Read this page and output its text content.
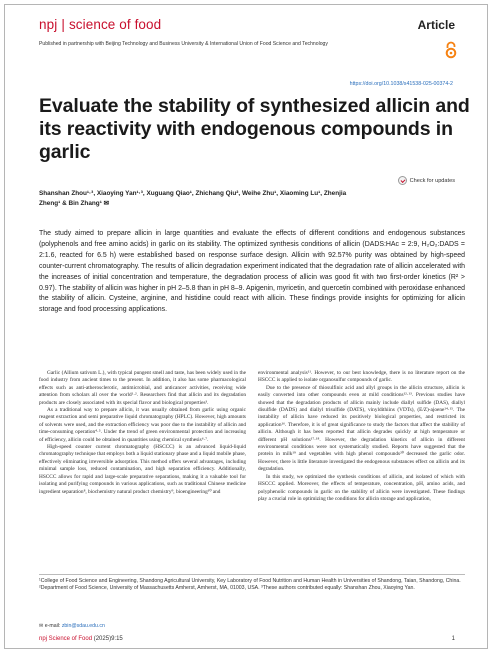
npj | science of food	Article
Published in partnership with Beijing Technology and Business University & International Union of Food Science and Technology
https://doi.org/10.1038/s41538-025-00374-2
Evaluate the stability of synthesized allicin and its reactivity with endogenous compounds in garlic
Check for updates
Shanshan Zhou¹·³, Xiaoying Yan¹·³, Xuguang Qiao¹, Zhichang Qiu², Weihe Zhu¹, Xiaoming Lu¹, Zhenjia Zheng¹ & Bin Zhang¹ ✉

The study aimed to prepare allicin in large quantities and evaluate the effects of different conditions and endogenous substances (polyphenols and free amino acids) in garlic on its stability. The optimized synthesis conditions of allicin (DADS:HAc = 2:9, H₂O₂:DADS = 2:1.6, reacted for 6.5 h) were established based on response surface design. Allicin with 92.57% purity was obtained by high-speed counter-current chromatography. The results of allicin degradation experiment indicated that the degradation rate of allicin accelerated with the increases of initial concentration and temperature, the degradation process of allicin was good fit with two first-order kinetics (R² > 0.97). The stability of allicin was higher in pH 2–5.8 than in pH 8–9. Apigenin, myricetin, and quercetin combined with peroxidase enhanced the stability of allicin. Cysteine, arginine, and histidine could react with allicin. These findings provide insights for optimizing for allicin storage and food processing applications.

Garlic (Allium sativum L.), with typical pungent smell and taste, has been widely used in the food industry from ancient times to the present. In addition, it also has some pharmacological effects such as anti-atherosclerotic, antimicrobial, and anticancer activities, receiving wide attention from scholars all over the world¹·². Researchers find that allicin and its degradation products are closely associated with its special flavor and biological properties³.

As a traditional way to prepare allicin, it was usually obtained from garlic using organic reagent extraction and semi preparative liquid chromatography (HPLC). However, high amounts of solvents were used, and the extraction efficiency was poor due to the instability of allicin and time-consuming operation⁴·⁵. Under the trend of green environmental protection and increasing of efficiency, allicin could be obtained in quantities using chemical synthesis⁶·⁷.

High-speed counter current chromatography (HSCCC) is an advanced liquid-liquid chromatography technique that employs both a liquid stationary phase and a liquid mobile phase, effectively eliminating irreversible adsorption. This method offers several advantages, including minimal sample loss, reduced contamination, and high separation efficiency. Additionally, HSCCC allows for rapid and large-scale preparative separations, making it a valuable tool for isolating and purifying compounds in various applications, such as traditional Chinese medicine ingredient separation⁸, biochemistry natural product chemistry⁹, bioengineering¹⁰ and

environmental analysis¹¹. However, to our best knowledge, there is no literature report on the HSCCC is applied to isolate organosulfur compounds of garlic.

Due to the presence of thiosulfinic acid and allyl groups in the allicin structure, allicin is easily converted into other compounds even at mild conditions¹²·¹³. Previous studies have showed that the degradation products of allicin mainly include diallyl sulfide (DAS), diallyl disulfide (DADS) and diallyl trisulfide (DATS), vinyldithiins (VDTs), (E/Z)-ajoene¹⁴·¹⁵. The instability of allicin have reduced its positively biological properties, and restricted its application¹⁶. Therefore, it is of great significance to study the factors that affect the stability of allicin. Although it has been reported that allicin degrades quickly at high temperature or different pH solutions¹⁷·¹⁸. However, the degradation kinetics of allicin in different environmental conditions were not systematically studied. Reports have suggested that the protein in milk¹⁹ and vegetables with high phenol compounds²⁰ decreased the garlic odor. However, there is little literature investigated the endogenous substances effect on allicin and its degradation.

In this study, we optimized the synthesis conditions of allicin, and isolated of which with HSCCC applied. Moreover, the effects of temperature, concentration, pH, amino acids, and polyphenolic compounds in garlic on the stability of allicin were investigated. These findings play a crucial role in optimizing the conditions for allicin storage and application,

¹College of Food Science and Engineering, Shandong Agricultural University, Key Laboratory of Food Nutrition and Human Health in Universities of Shandong, Taian, Shandong, China. ²Department of Food Science, University of Massachusetts Amherst, Amherst, MA, 01003, USA. ³These authors contributed equally: Shanshan Zhou, Xiaoying Yan.

✉ e-mail: zbin@sdau.edu.cn
npj Science of Food (2025)9:15	1
